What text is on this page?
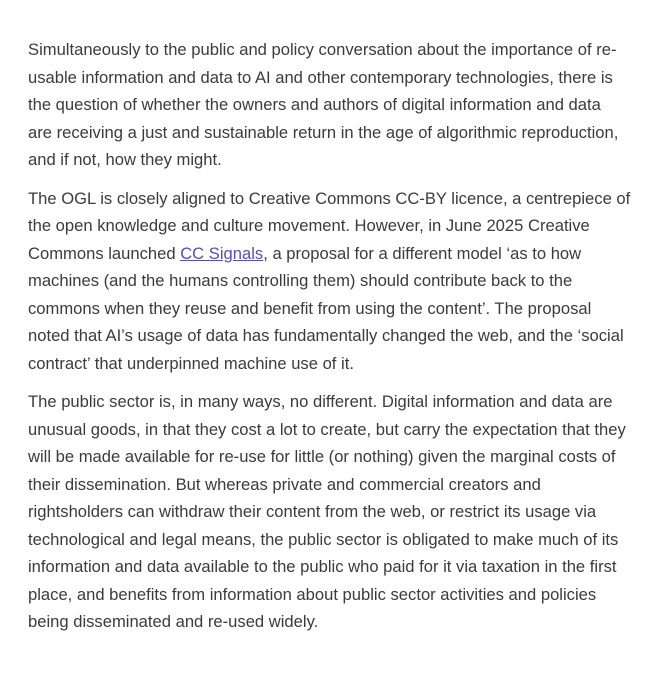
Simultaneously to the public and policy conversation about the importance of re-
usable information and data to AI and other contemporary technologies, there is
the question of whether the owners and authors of digital information and data
are receiving a just and sustainable return in the age of algorithmic reproduction,
and if not, how they might.

The OGL is closely aligned to Creative Commons CC-BY licence, a centrepiece of
the open knowledge and culture movement. However, in June 2025 Creative
Commons launched CC Signals, a proposal for a different model ‘as to how
machines (and the humans controlling them) should contribute back to the
commons when they reuse and benefit from using the content’. The proposal
noted that AI’s usage of data has fundamentally changed the web, and the ‘social
contract’ that underpinned machine use of it.

The public sector is, in many ways, no different. Digital information and data are
unusual goods, in that they cost a lot to create, but carry the expectation that they
will be made available for re-use for little (or nothing) given the marginal costs of
their dissemination. But whereas private and commercial creators and
rightsholders can withdraw their content from the web, or restrict its usage via
technological and legal means, the public sector is obligated to make much of its
information and data available to the public who paid for it via taxation in the first
place, and benefits from information about public sector activities and policies
being disseminated and re-used widely.
